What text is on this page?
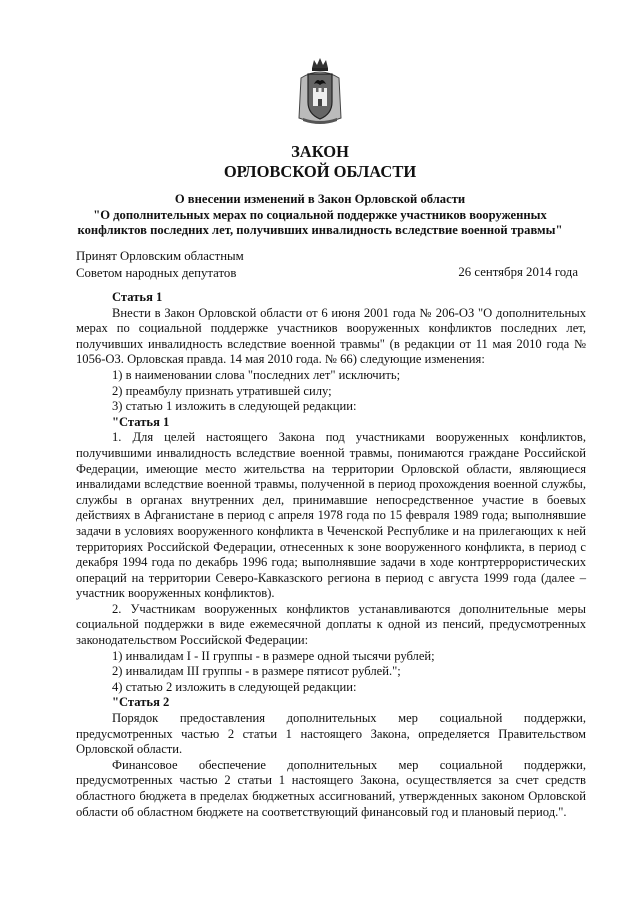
ЗАКОН
ОРЛОВСКОЙ ОБЛАСТИ
О внесении изменений в Закон Орловской области
"О дополнительных мерах по социальной поддержке участников вооруженных конфликтов последних лет, получивших инвалидность вследствие военной травмы"
Принят Орловским областным
Советом народных депутатов	26 сентября 2014 года

Статья 1

Внести в Закон Орловской области от 6 июня 2001 года № 206-ОЗ "О дополнительных мерах по социальной поддержке участников вооруженных конфликтов последних лет, получивших инвалидность вследствие военной травмы" (в редакции от 11 мая 2010 года № 1056-ОЗ. Орловская правда. 14 мая 2010 года. № 66) следующие изменения:

1) в наименовании слова "последних лет" исключить;

2) преамбулу признать утратившей силу;

3) статью 1 изложить в следующей редакции:

"Статья 1

1. Для целей настоящего Закона под участниками вооруженных конфликтов, получившими инвалидность вследствие военной травмы, понимаются граждане Российской Федерации, имеющие место жительства на территории Орловской области, являющиеся инвалидами вследствие военной травмы, полученной в период прохождения военной службы, службы в органах внутренних дел, принимавшие непосредственное участие в боевых действиях в Афганистане в период с апреля 1978 года по 15 февраля 1989 года; выполнявшие задачи в условиях вооруженного конфликта в Чеченской Республике и на прилегающих к ней территориях Российской Федерации, отнесенных к зоне вооруженного конфликта, в период с декабря 1994 года по декабрь 1996 года; выполнявшие задачи в ходе контртеррористических операций на территории Северо-Кавказского региона в период с августа 1999 года (далее – участник вооруженных конфликтов).

2. Участникам вооруженных конфликтов устанавливаются дополнительные меры социальной поддержки в виде ежемесячной доплаты к одной из пенсий, предусмотренных законодательством Российской Федерации:

1) инвалидам I - II группы - в размере одной тысячи рублей;

2) инвалидам III группы - в размере пятисот рублей.";

4) статью 2 изложить в следующей редакции:

"Статья 2

Порядок предоставления дополнительных мер социальной поддержки, предусмотренных частью 2 статьи 1 настоящего Закона, определяется Правительством Орловской области.

Финансовое обеспечение дополнительных мер социальной поддержки, предусмотренных частью 2 статьи 1 настоящего Закона, осуществляется за счет средств областного бюджета в пределах бюджетных ассигнований, утвержденных законом Орловской области об областном бюджете на соответствующий финансовый год и плановый период.".
